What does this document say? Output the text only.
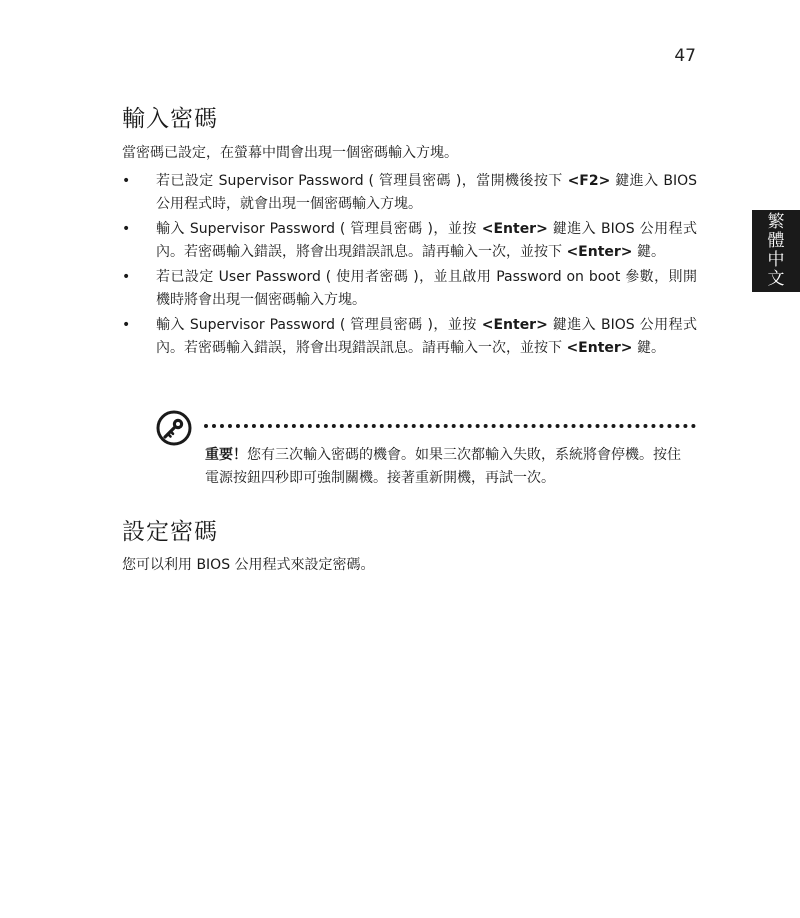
47
繁
體
中
文
輸入密碼

當密碼已設定，在螢幕中間會出現一個密碼輸入方塊。

• 若已設定 Supervisor Password ( 管理員密碼 )，當開機後按下 <F2> 鍵進入 BIOS 公用程式時，就會出現一個密碼輸入方塊。
• 輸入 Supervisor Password ( 管理員密碼 )，並按 <Enter> 鍵進入 BIOS 公用程式內。若密碼輸入錯誤，將會出現錯誤訊息。請再輸入一次，並按下 <Enter> 鍵。
• 若已設定 User Password ( 使用者密碼 )，並且啟用 Password on boot 參數，則開機時將會出現一個密碼輸入方塊。
• 輸入 Supervisor Password ( 管理員密碼 )，並按 <Enter> 鍵進入 BIOS 公用程式內。若密碼輸入錯誤，將會出現錯誤訊息。請再輸入一次，並按下 <Enter> 鍵。

重要！您有三次輸入密碼的機會。如果三次都輸入失敗，系統將會停機。按住電源按鈕四秒即可強制關機。接著重新開機，再試一次。

設定密碼

您可以利用 BIOS 公用程式來設定密碼。
